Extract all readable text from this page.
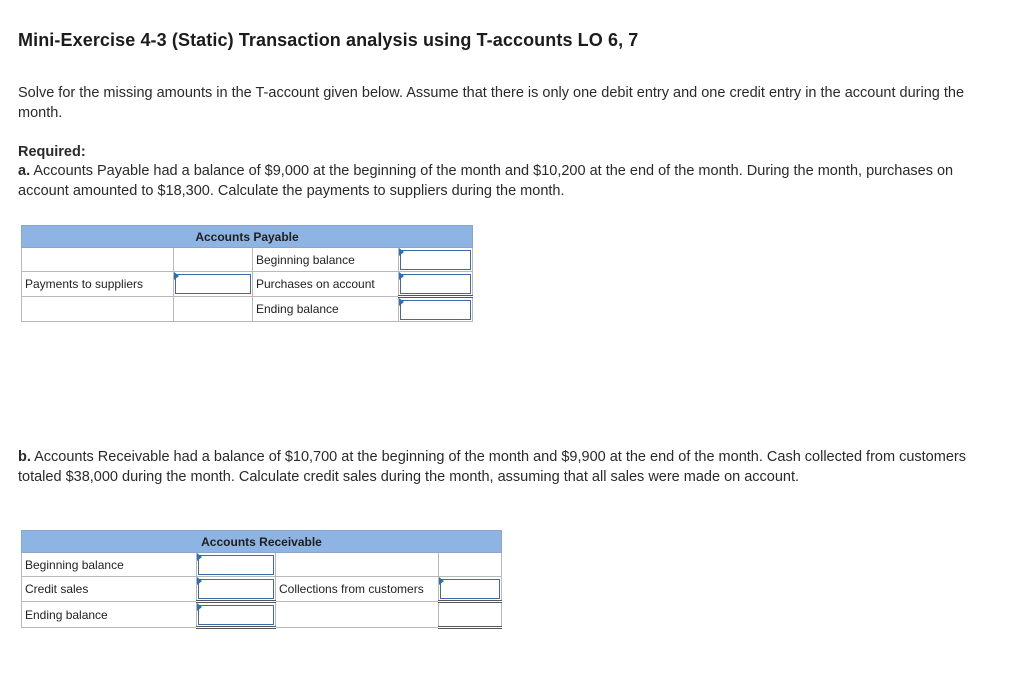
Mini-Exercise 4-3 (Static) Transaction analysis using T-accounts LO 6, 7

Solve for the missing amounts in the T-account given below. Assume that there is only one debit entry and one credit entry in the account during the month.

Required:

a. Accounts Payable had a balance of $9,000 at the beginning of the month and $10,200 at the end of the month. During the month, purchases on account amounted to $18,300. Calculate the payments to suppliers during the month.

Accounts Payable			
		Beginning balance	

Payments to suppliers		Purchases on account	

		Ending balance	

b. Accounts Receivable had a balance of $10,700 at the beginning of the month and $9,900 at the end of the month. Cash collected from customers totaled $38,000 during the month. Calculate credit sales during the month, assuming that all sales were made on account.

Accounts Receivable			
Beginning balance	

Credit sales		Collections from customers	

Ending balance	
